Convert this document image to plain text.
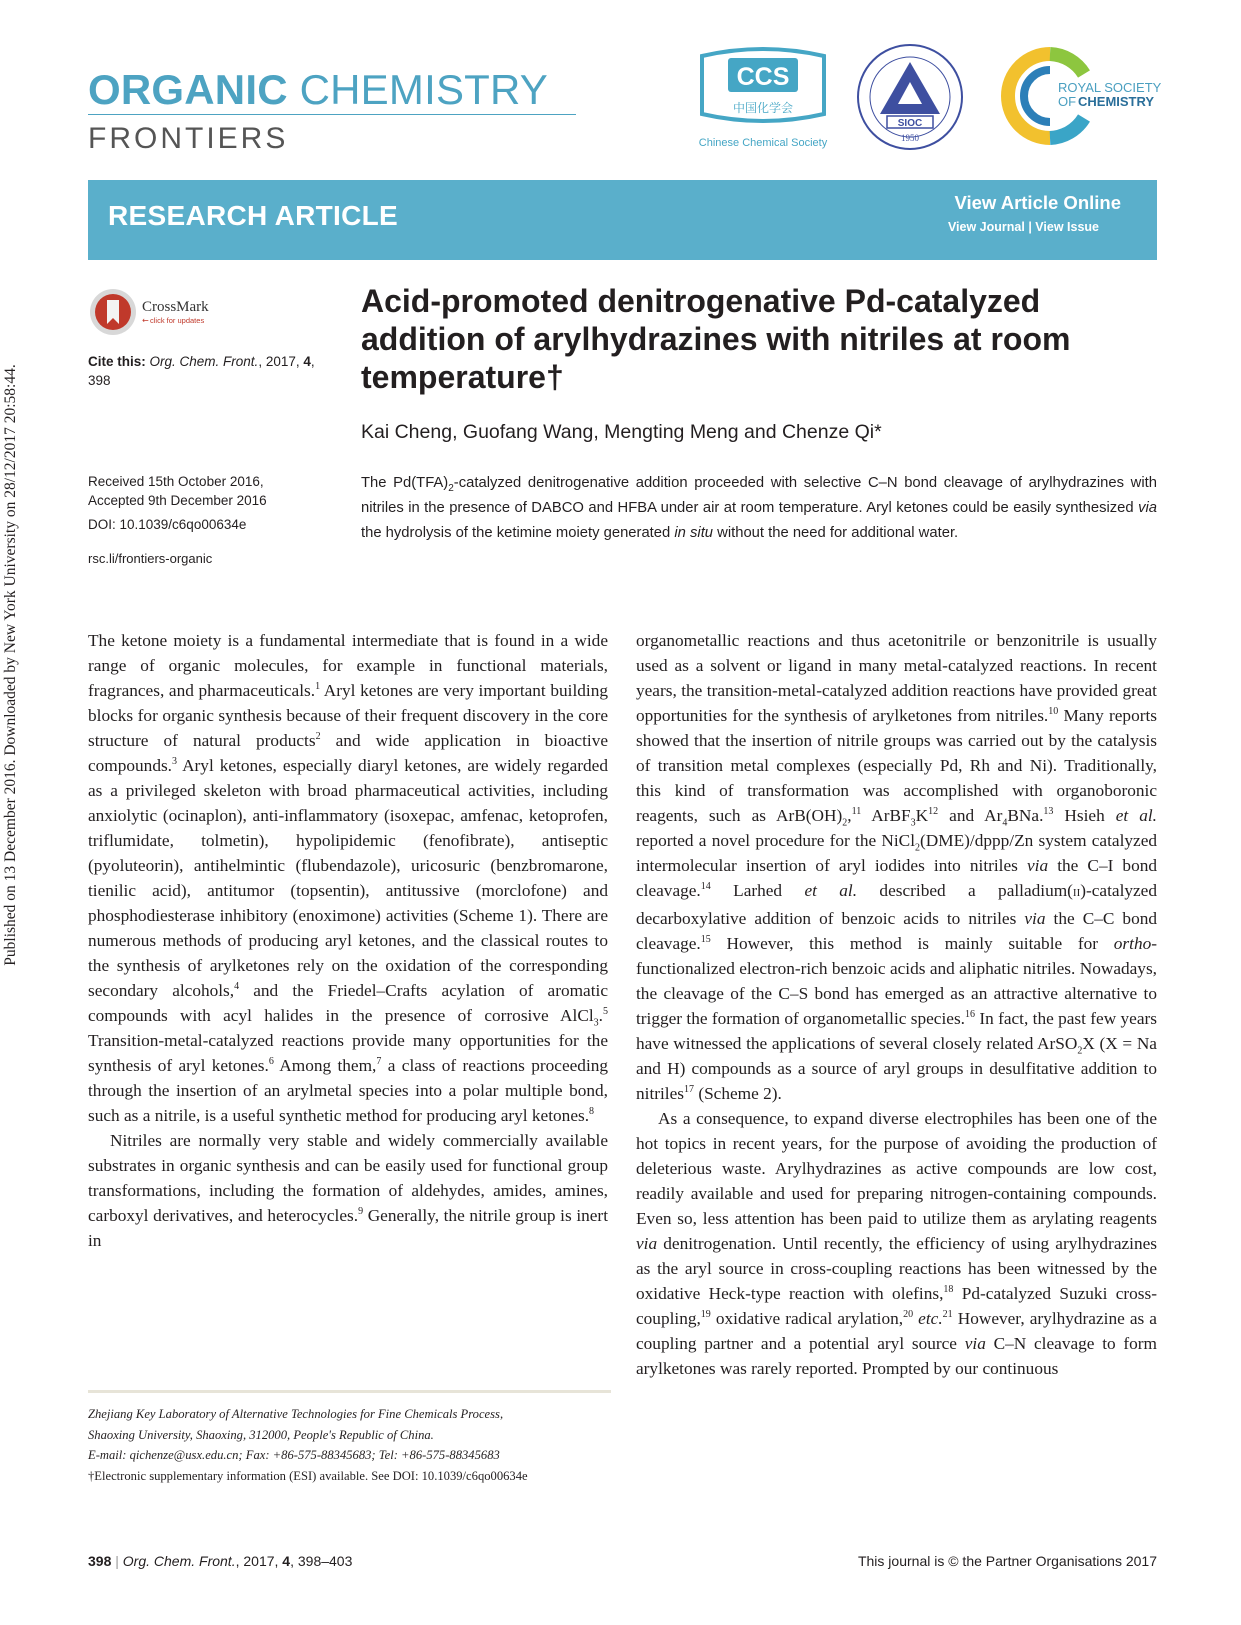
Published on 13 December 2016. Downloaded by New York University on 28/12/2017 20:58:44.
ORGANIC CHEMISTRY
FRONTIERS
CCS
中国化学会
Chinese Chemical Society
SIOC
1950
ROYAL SOCIETY
OF CHEMISTRY
RESEARCH ARTICLE	View Article Online
View Journal | View Issue
CrossMark
click for updates
←
Cite this: Org. Chem. Front., 2017, 4,
398
Received 15th October 2016,
Accepted 9th December 2016
DOI: 10.1039/c6qo00634e
rsc.li/frontiers-organic
Acid-promoted denitrogenative Pd-catalyzed addition of arylhydrazines with nitriles at room temperature†
Kai Cheng, Guofang Wang, Mengting Meng and Chenze Qi*
The $Pd(TFA)_2$-catalyzed denitrogenative addition proceeded with selective C–N bond cleavage of arylhydrazines with nitriles in the presence of DABCO and HFBA under air at room temperature. Aryl ketones could be easily synthesized via the hydrolysis of the ketimine moiety generated in situ without the need for additional water.

The ketone moiety is a fundamental intermediate that is found in a wide range of organic molecules, for example in functional materials, fragrances, and pharmaceuticals.$^1$ Aryl ketones are very important building blocks for organic synthesis because of their frequent discovery in the core structure of natural products$^2$ and wide application in bioactive compounds.$^3$ Aryl ketones, especially diaryl ketones, are widely regarded as a privileged skeleton with broad pharmaceutical activities, including anxiolytic (ocinaplon), anti-inflammatory (isoxepac, amfenac, ketoprofen, triflumidate, tolmetin), hypolipidemic (fenofibrate), antiseptic (pyoluteorin), antihelmintic (flubendazole), uricosuric (benzbromarone, tienilic acid), antitumor (topsentin), antitussive (morclofone) and phosphodiesterase inhibitory (enoximone) activities (Scheme 1). There are numerous methods of producing aryl ketones, and the classical routes to the synthesis of arylketones rely on the oxidation of the corresponding secondary alcohols,$^4$ and the Friedel–Crafts acylation of aromatic compounds with acyl halides in the presence of corrosive AlCl$_3$.$^5$ Transition-metal-catalyzed reactions provide many opportunities for the synthesis of aryl ketones.$^6$ Among them,$^7$ a class of reactions proceeding through the insertion of an arylmetal species into a polar multiple bond, such as a nitrile, is a useful synthetic method for producing aryl ketones.$^8$

Nitriles are normally very stable and widely commercially available substrates in organic synthesis and can be easily used for functional group transformations, including the formation of aldehydes, amides, amines, carboxyl derivatives, and heterocycles.$^9$ Generally, the nitrile group is inert in

organometallic reactions and thus acetonitrile or benzonitrile is usually used as a solvent or ligand in many metal-catalyzed reactions. In recent years, the transition-metal-catalyzed addition reactions have provided great opportunities for the synthesis of arylketones from nitriles.$^{10}$ Many reports showed that the insertion of nitrile groups was carried out by the catalysis of transition metal complexes (especially Pd, Rh and Ni). Traditionally, this kind of transformation was accomplished with organoboronic reagents, such as $ArB(OH)_2,^{11}$ $ArBF_3K^{12}$ and $Ar_4BNa.^{13}$ Hsieh et al. reported a novel procedure for the NiCl$_2$(DME)/dppp/Zn system catalyzed intermolecular insertion of aryl iodides into nitriles via the C–I bond cleavage.$^{14}$ Larhed et al. described a palladium(II)-catalyzed decarboxylative addition of benzoic acids to nitriles via the C–C bond cleavage.$^{15}$ However, this method is mainly suitable for ortho-functionalized electron-rich benzoic acids and aliphatic nitriles. Nowadays, the cleavage of the C–S bond has emerged as an attractive alternative to trigger the formation of organometallic species.$^{16}$ In fact, the past few years have witnessed the applications of several closely related ArSO$_2$X (X = Na and H) compounds as a source of aryl groups in desulfitative addition to nitriles$^{17}$ (Scheme 2).

As a consequence, to expand diverse electrophiles has been one of the hot topics in recent years, for the purpose of avoiding the production of deleterious waste. Arylhydrazines as active compounds are low cost, readily available and used for preparing nitrogen-containing compounds. Even so, less attention has been paid to utilize them as arylating reagents via denitrogenation. Until recently, the efficiency of using arylhydrazines as the aryl source in cross-coupling reactions has been witnessed by the oxidative Heck-type reaction with olefins,$^{18}$ Pd-catalyzed Suzuki cross-coupling,$^{19}$ oxidative radical arylation,$^{20}$ etc.$^{21}$ However, arylhydrazine as a coupling partner and a potential aryl source via C–N cleavage to form arylketones was rarely reported. Prompted by our continuous

Zhejiang Key Laboratory of Alternative Technologies for Fine Chemicals Process,
Shaoxing University, Shaoxing, 312000, People's Republic of China.
E-mail: qichenze@usx.edu.cn; Fax: +86-575-88345683; Tel: +86-575-88345683
†Electronic supplementary information (ESI) available. See DOI: 10.1039/c6qo00634e
398 | Org. Chem. Front., 2017, 4, 398–403	This journal is © the Partner Organisations 2017
